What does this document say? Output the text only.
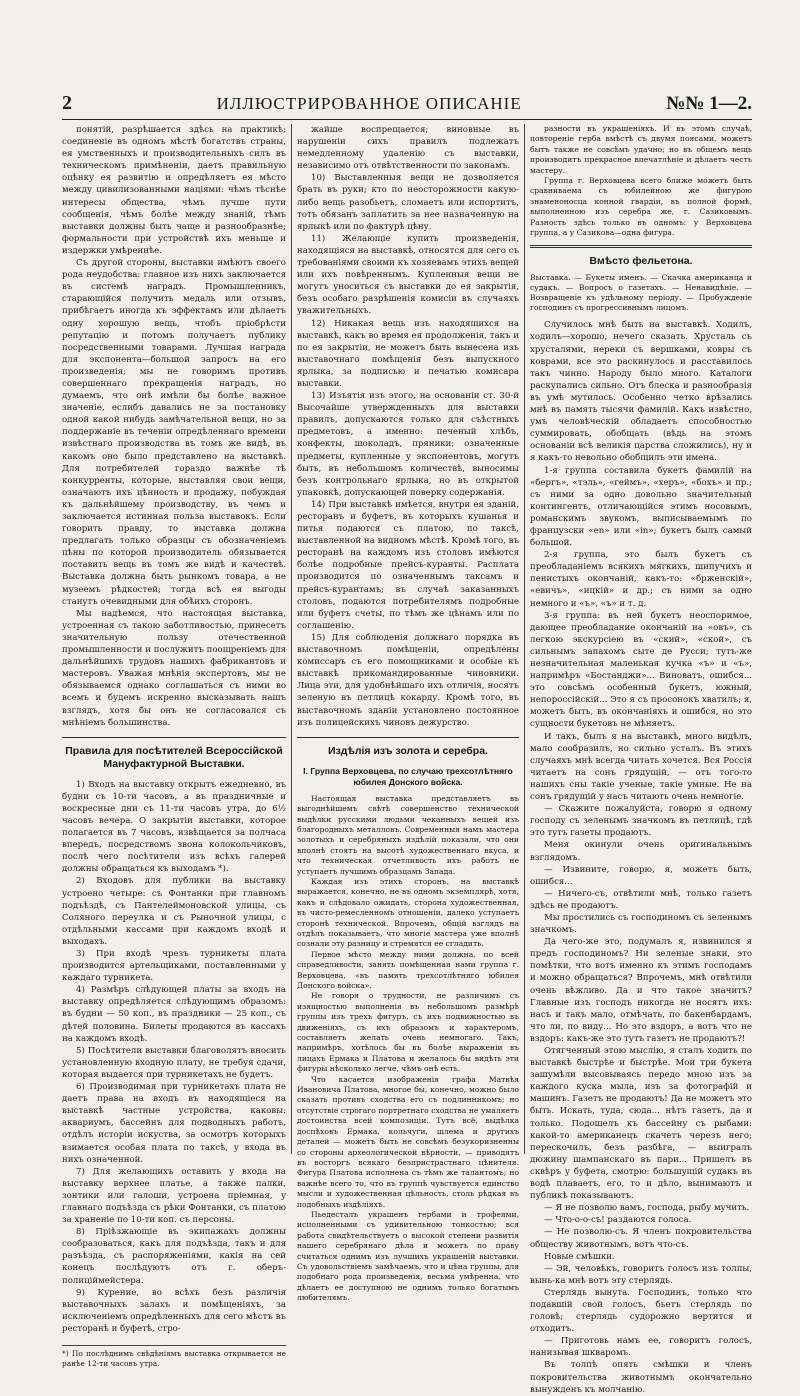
2	ИЛЛЮСТРИРОВАННОЕ ОПИСАНІЕ	№№ 1—2.

понятій, разрѣшается здѣсь на практикѣ; соединеніе въ одномъ мѣстѣ богатствъ страны, ея умственныхъ и производительныхъ силъ въ техническомъ примѣненіи, даетъ правильную оцѣнку ея развитію и опредѣляетъ ея мѣсто между цивилизованными націями: чѣмъ тѣснѣе интересы общества, чѣмъ лучше пути сообщенія, чѣмъ болѣе между знаній, тѣмъ выставки должны быть чаще и разнообразнѣе; формальности при устройствѣ ихъ меньше и издержки умѣреннѣе.

Съ другой стороны, выставки имѣютъ своего рода неудобства: главное изъ нихъ заключается въ системѣ наградъ. Промышленникъ, старающійся получить медаль или отзывъ, прибѣгаетъ иногда къ эффектамъ или дѣлаетъ одну хорошую вещь, чтобъ пріобрѣсти репутацію и потомъ получаетъ публику посредственными товарами. Лучшая награда для экспонента—большой запросъ на его произведенія; мы не говоримъ противъ совершеннаго прекращенія наградъ, но думаемъ, что онѣ имѣли бы болѣе важное значеніе, еслибъ давались не за постановку одной какой нибудь замѣчательной вещи, но за поддержаніе въ теченіи опредѣленнаго времени извѣстнаго производства въ томъ же видѣ, въ какомъ оно было представлено на выставкѣ. Для потребителей гораздо важнѣе тѣ конкурренты, которые, выставляя свои вещи, означаютъ ихъ цѣнность и продажу, побуждая къ дальнѣйшему производству, въ чемъ и заключается истинная польза выставокъ. Если говорить правду, то выставка должна предлагать только образцы съ обозначеніемъ цѣны по которой производитель обязывается поставить вещь въ томъ же видѣ и качествѣ. Выставка должна быть рынкомъ товара, а не музеемъ рѣдкостей; тогда всѣ ея выгоды станутъ очевидными для обѣихъ сторонъ.

Мы надѣемся, что настоящая выставка, устроенная съ такою заботливостью, принесетъ значительную пользу отечественной промышленности и послужитъ поощреніемъ для дальнѣйшихъ трудовъ нашихъ фабрикантовъ и мастеровъ. Уважая мнѣнія экспертовъ, мы не обязываемся однако соглашаться съ ними во всемъ и будемъ искренно высказывать нашъ взглядъ, хотя бы онъ не согласовался съ мнѣніемъ большинства.

Правила для посѣтителей Всероссійской Мануфактурной Выставки.

1) Входъ на выставку открытъ ежедневно, въ будни съ 10-ти часовъ, а въ праздничные и воскресные дни съ 11-ти часовъ утра, до 6½ часовъ вечера. О закрытіи выставки, которое полагается въ 7 часовъ, извѣщается за полчаса впередъ, посредствомъ звона колокольчиковъ, послѣ чего посѣтители изъ всѣхъ галерей должны обращаться къ выходамъ *).

2) Входовъ для публики на выставку устроено четыре: съ Фонтанки при главномъ подъѣздѣ, съ Пантелеймоновской улицы, съ Соляного переулка и съ Рыночной улицы, с отдѣльными кассами при каждомъ входѣ и выходахъ.

3) При входѣ чрезъ турникеты плата производится артельщиками, поставленными у каждаго турникета.

4) Размѣръ слѣдующей платы за входъ на выставку опредѣляется слѣдующимъ образомъ: въ будни — 50 коп., въ праздники — 25 коп., съ дѣтей половина. Билеты продаются въ кассахъ на каждомъ входѣ.

5) Посѣтители выставки благоволятъ вносить установленную входную плату, не требуя сдачи, которая выдается при турникетахъ не будетъ.

6) Производимая при турникетахъ плата не даетъ права на входъ въ находящіеся на выставкѣ частные устройства, каковы: аквариумъ, бассейнъ для подводныхъ работъ, отдѣлъ исторіи искуства, за осмотръ которыхъ взимается особая плата по таксѣ, у входа въ нихъ означенной.

7) Для желающихъ оставить у входа на выставку верхнее платье, а также палки, зонтики или галоши, устроена пріемная, у главнаго подъѣзда съ рѣки Фонтанки, съ платою за храненіе по 10-ти коп. съ персоны.

8) Пріѣзжающіе въ экипажахъ должны сообразоваться, какъ для подъѣзда, такъ и для разъѣзда, съ распоряженіями, какія на сей конецъ послѣдуютъ отъ г. оберъ-полиціймейстера.

9) Курение, во всѣхъ безъ различія выставочныхъ залахъ и помѣщеніяхъ, за исключеніемъ опредѣленныхъ для сего мѣстъ въ ресторанѣ и буфетѣ, стро-

*) По послѣднимъ свѣдѣніямъ выставка открывается не ранѣе 12-ти часовъ утра.

жайше воспрещается; виновные въ нарушеніи сихъ правилъ подлежатъ немедленному удаленію съ выставки, независимо отъ отвѣтственности по законамъ.

10) Выставленныя вещи не дозволяется брать въ руки; кто по неосторожности какую-либо вещь разобьетъ, сломаетъ или испортитъ, тотъ обязанъ заплатить за нее назначенную на ярлыкѣ или по фактурѣ цѣну.

11) Желающіе купить произведенія, находящіяся на выставкѣ, относятся для сего съ требованіями своими къ хозяевамъ этихъ вещей или ихъ повѣреннымъ. Купленныя вещи не могутъ уноситься съ выставки до ея закрытія, безъ особаго разрѣшенія комисіи въ случаяхъ уважительныхъ.

12) Никакая вещь изъ находящихся на выставкѣ, какъ во время ея продолженія, такъ и по ея закрытіи, не можетъ быть вынесена изъ выставочнаго помѣщенія безъ выпускного ярлыка, за подписью и печатью комисара выставки.

13) Изъятія изъ этого, на основаніи ст. 30-й Высочайше утвержденныхъ для выставки правилъ, допускаются только для съѣстныхъ предметовъ, а именно: печеный хлѣбъ, конфекты, шоколадъ, пряники; означенные предметы, купленные у экспонентовъ, могутъ быть, въ небольшомъ количествѣ, выносимы безъ контрольнаго ярлыка, но въ открытой упаковкѣ, допускающей поверку содержанія.

14) При выставкѣ имѣется, внутри ея зданій, ресторанъ и буфетъ, въ которыхъ кушанья и питья подаются съ платою, по таксѣ, выставленной на видномъ мѣстѣ. Кромѣ того, въ ресторанѣ на каждомъ изъ столовъ имѣются болѣе подробные прейсъ-куранты. Расплата производится по означеннымъ таксамъ и прейсъ-курантамъ; въ случаѣ заказанныхъ столовъ, подаются потребителямъ подробные или буфетъ счеты, по тѣмъ же цѣнамъ или по соглашенію.

15) Для соблюденія должнаго порядка въ выставочномъ помѣщеніи, опредѣлены комиссаръ съ его помощниками и особые къ выставкѣ прикомандированные чиновники. Лица эти, для удобнѣйшаго ихъ отличія, носятъ зеленую въ петлицѣ кокарду. Кромѣ того, въ выставочномъ зданіи установлено постоянное изъ полицейскихъ чиновъ дежурство.

Издѣлія изъ золота и серебра.
I. Группа Верховцева, по случаю трехсотлѣтняго юбилея Донского войска.

Настоящая выставка представляетъ въ выгоднѣйшемъ свѣтѣ совершенство технической выдѣлки русскими людьми чеканныхъ вещей изъ благородныхъ металловъ. Современныя намъ мастера золотыхъ и серебряныхъ издѣлій показали, что они вполнѣ стоятъ на высотѣ художественнаго вкуса, и что техническая отчетливость ихъ работъ не уступаетъ лучшимъ образцамъ Запада.

Каждая изъ этихъ сторонъ, на выставкѣ выражается, конечно, не въ одномъ экземплярѣ, хотя, какъ и слѣдовало ожидать, сторона художественная, въ чисто-ремесленномъ отношеніи, далеко уступаетъ сторонѣ технической. Впрочемъ, общій взглядъ на отдѣлъ показываетъ, что многіе мастера уже вполнѣ сознали эту разницу и стремятся ее сгладить.

Первое мѣсто между ними должна, по всей справедливости, занять помѣщенная нами группа г. Верховцева, «въ память трехсотлѣтняго юбилея Донского войска».

Не говоря о трудности, не различимъ съ изящностью выполненія въ небольшомъ размѣрѣ группы изъ трехъ фигуръ, съ ихъ подвижностью въ движеніяхъ, съ ихъ образомъ и характеромъ, составляетъ желать очень немногаго. Такъ, напримѣръ, хотѣлось бы въ болѣе выраженіи въ лицахъ Ермака и Платова и желалось бы видѣть эти фигуры нѣсколько легче, чѣмъ онѣ есть.

Что касается изображенія графа Матвѣя Ивановича Платова, многое бы, конечно, можно было сказать противъ сходства его съ подлинникомъ; но отсутствіе строгаго портретнаго сходства не умаляетъ достоинства всей композиціи. Тутъ всё, выдѣлка доспѣховъ Ермака, кольчуги, шлема и другихъ деталей — можетъ быть не совсѣмъ безукоризненны со стороны археологической вѣрности, — приводятъ въ восторгъ всякаго безпристрастнаго цѣнителя. Фигура Платова исполнена съ тѣмъ же талантомъ; но важнѣе всего то, что въ группѣ чувствуется единство мысли и художественная цѣльность, столь рѣдкая въ подобныхъ издѣліяхъ.

Пьедесталъ украшенъ гербами и трофеями, исполненными съ удивительною тонкостью; вся работа свидѣтельствуетъ о высокой степени развитія нашего серебрянаго дѣла и можетъ по праву считаться однимъ изъ лучшихъ украшеній выставки. Съ удовольствіемъ замѣчаемъ, что и цѣна группы, для подобнаго рода произведенія, весьма умѣренна, что дѣлаетъ ее доступною не однимъ только богатымъ любителямъ.

разности въ украшеніяхъ. И въ этомъ случаѣ, повтореніе герба вмѣстѣ съ двумя поясами, можетъ бытъ также не совсѣмъ удачно; но въ общемъ вещь производитъ прекрасное впечатлѣніе и дѣлаетъ честь мастеру.

Группа г. Верховцева всего ближе можетъ быть сравниваема съ юбилейною же фигурою знаменоносца конной гвардіи, въ полной формѣ, выполненною изъ серебра же, г. Сазиковымъ. Разность здѣсь только въ одномъ: у Верховцева группа, а у Сазикова—одна фигура.

Вмѣсто фельетона.
Выставка. — Букеты именъ. — Скачка американца и судакъ. — Вопросъ о газетахъ. — Ненавидѣніе. — Возвращеніе къ удѣльному періоду. — Пробужденіе господинъ съ прогрессивнымъ лицомъ.

Случилось мнѣ быть на выставкѣ. Ходилъ, ходилъ—хорошо, нечего сказать. Хрусталь съ хрусталями, нереки съ вершками, ковры съ коврами, все это раскинулось и расставилось такъ чинно. Народу было много. Каталоги раскупались сильно. Отъ блеска и разнообразія въ умѣ мутилось. Особенно четко врѣзались мнѣ въ память тысячи фамилій. Какъ извѣстно, умъ человѣческій обладаетъ способностью суммировать, обобщать (вѣдь на этомъ основаніи всѣ великія царства сложились), ну и я какъ-то невольно обобщилъ эти имена.

1-я группа составила букетъ фамилій на «бергъ», «тэль», «геймъ», «херъ», «бохъ» и пр.; съ ними за одно довольно значительный контингентъ, отличающійся этимъ носовымъ, романскимъ звукомъ, выписываемымъ по французски «en» или «in»; букетъ былъ самый большой.

2-я группа, это былъ букетъ съ преобладаніемъ всякихъ мягкихъ, шипучихъ и пенистыхъ окончаній, какъ-то: «брженскій», «евичъ», «ицкій» и др.; съ ними за одно немного и «ъ», «ъ» и т. д.

3-я группа: въ ней букетъ неоспоримое, дающее преобладание окончаній на «овъ», съ легкою экскурсіею въ «ский», «ской», съ сильнымъ запахомъ сыте де Русси; тутъ-же незначительная маленькая кучка «ъ» и «ъ», напримѣръ «Бостанджи»... Виноватъ, ошибся... это совсѣмъ особенный букетъ, южный, непороссійскій... Это я съ просонокъ хватилъ; я, можетъ быть, въ окончаніяхъ и ошибся, но это сущности букетовъ не мѣняетъ.

И такъ, былъ я на выставкѣ, много видѣлъ, мало сообразилъ, но сильно усталъ. Въ этихъ случаяхъ мнѣ всегда читать хочется. Вся Россія читаетъ на сонъ грядущій, — отъ того-то нашихъ сны такіе ученые, такіе умные. Не на сонъ грядущій у насъ читають очень немногіе.

— Скажите пожалуйста, говорю я одному господу съ зеленымъ значкомъ въ петлицѣ, гдѣ это тутъ газеты продаютъ.

Меня окинули очень оригинальнымъ взглядомъ.

— Извините, говорю, я, можетъ быть, ошибся...

— Ничего-съ, отвѣтили мнѣ, только газетъ здѣсь не продаютъ.

Мы простились съ господиномъ съ зеленымъ значкомъ.

Да чего-же это, подумалъ я, извинился я предъ господиномъ? Ни зеленые знаки, это помѣтки, что вотъ именно къ этимъ господамъ и можно обращаться? Впрочемъ, мнѣ отвѣтили очень вѣжливо. Да и что такое значитъ? Главные изъ господъ никогда не носятъ ихъ: насъ и такъ мало, отмѣчать, по бакенбардамъ, что ли, по виду... Но это вздоръ, а вотъ что не вздоръ: какъ-же это тутъ газетъ не продаютъ?!

Отягченный этою мыслію, я сталъ ходить по выставкѣ быстрѣе и быстрѣе. Мои три букета зашумѣли высовываясь передо мною изъ за каждого куска мыла, изъ за фотографій и машинъ. Газетъ не продаютъ! Да не можетъ это быть. Искать, туда, сюда... нѣтъ газетъ, да и только. Подошелъ къ бассейну съ рыбами: какой-то американецъ скачетъ черезъ него; перескочилъ, безъ разбѣга, — выигралъ дюжину шампанскаго въ пари... Пришелъ въ сквѣръ у буфета, смотрю: большущій судакъ въ водѣ плаваетъ, его, то и дѣло, вынимаютъ и публикѣ показываютъ.

— Я не позволю вамъ, господа, рыбу мучить.

— Что-о-о-съ! раздаются голоса.

— Не позволю-съ. Я членъ покровительства обществу животнымъ, вотъ что-съ.

Новые смѣшки.

— Эй, человѣкъ, говоритъ голосъ изъ толпы, вынь-ка мнѣ вотъ эту стерлядь.

Стерлядь вынута. Господинъ, только что подавшій свой голосъ, бьетъ стерлядь по головѣ; стерлядь судорожно вертится и отходитъ.

— Приготовь намъ ее, говоритъ голосъ, нанизывая шкваромъ.

Въ толпѣ опять смѣшки и членъ покровительства животнымъ окончательно вынужденъ къ молчанію.
